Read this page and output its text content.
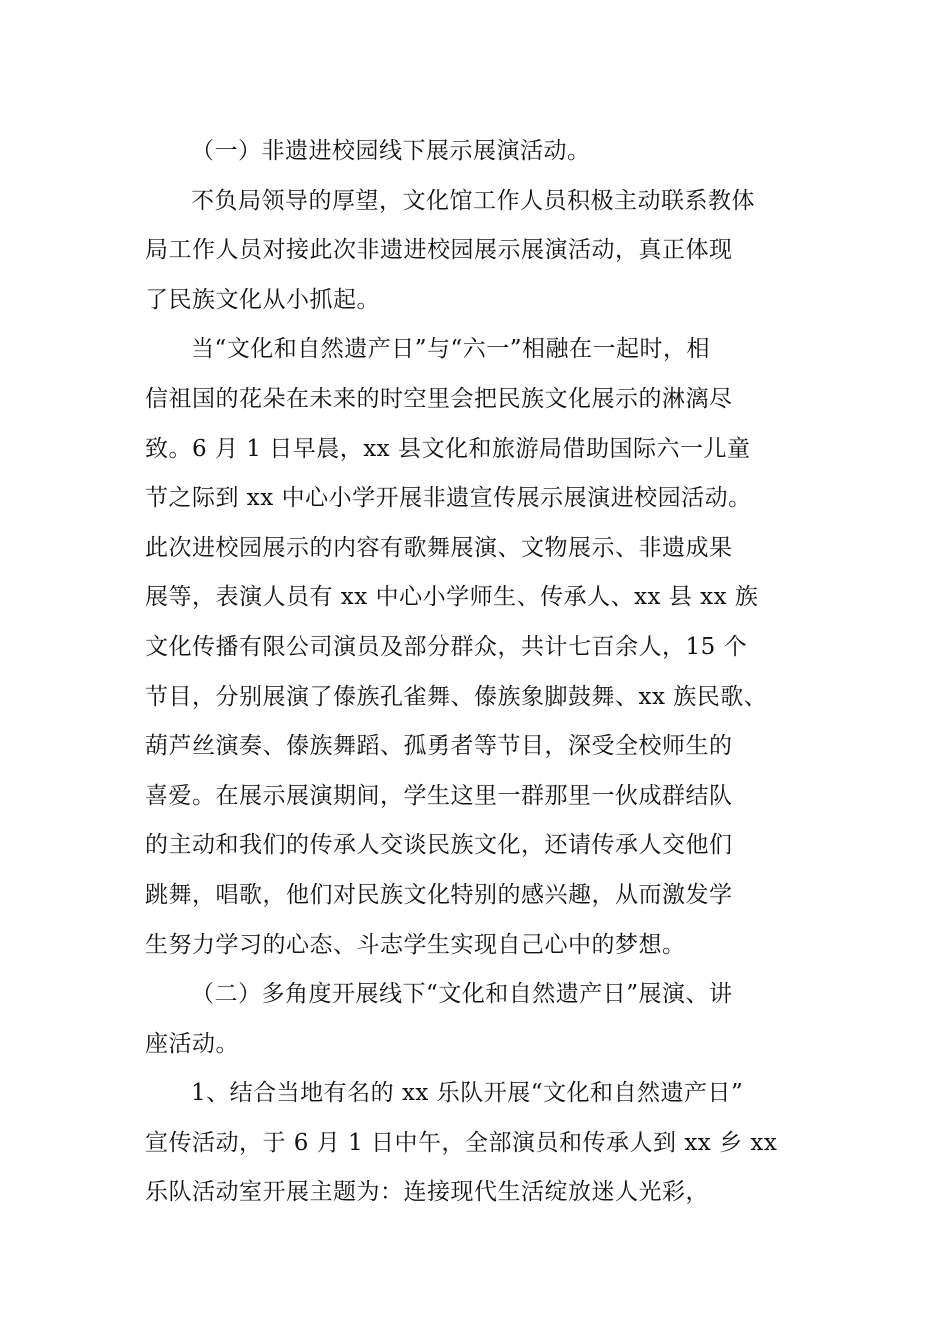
（一）非遗进校园线下展示展演活动。
不负局领导的厚望，文化馆工作人员积极主动联系教体
局工作人员对接此次非遗进校园展示展演活动，真正体现
了民族文化从小抓起。
当“文化和自然遗产日”与“六一”相融在一起时，相
信祖国的花朵在未来的时空里会把民族文化展示的淋漓尽
致。6 月 1 日早晨，xx 县文化和旅游局借助国际六一儿童
节之际到 xx 中心小学开展非遗宣传展示展演进校园活动。
此次进校园展示的内容有歌舞展演、文物展示、非遗成果
展等，表演人员有 xx 中心小学师生、传承人、xx 县 xx 族
文化传播有限公司演员及部分群众，共计七百余人，15 个
节目，分别展演了傣族孔雀舞、傣族象脚鼓舞、xx 族民歌、
葫芦丝演奏、傣族舞蹈、孤勇者等节目，深受全校师生的
喜爱。在展示展演期间，学生这里一群那里一伙成群结队
的主动和我们的传承人交谈民族文化，还请传承人交他们
跳舞，唱歌，他们对民族文化特别的感兴趣，从而激发学
生努力学习的心态、斗志学生实现自己心中的梦想。
（二）多角度开展线下“文化和自然遗产日”展演、讲
座活动。
1、结合当地有名的 xx 乐队开展“文化和自然遗产日”
宣传活动，于 6 月 1 日中午，全部演员和传承人到 xx 乡 xx
乐队活动室开展主题为：连接现代生活绽放迷人光彩，
